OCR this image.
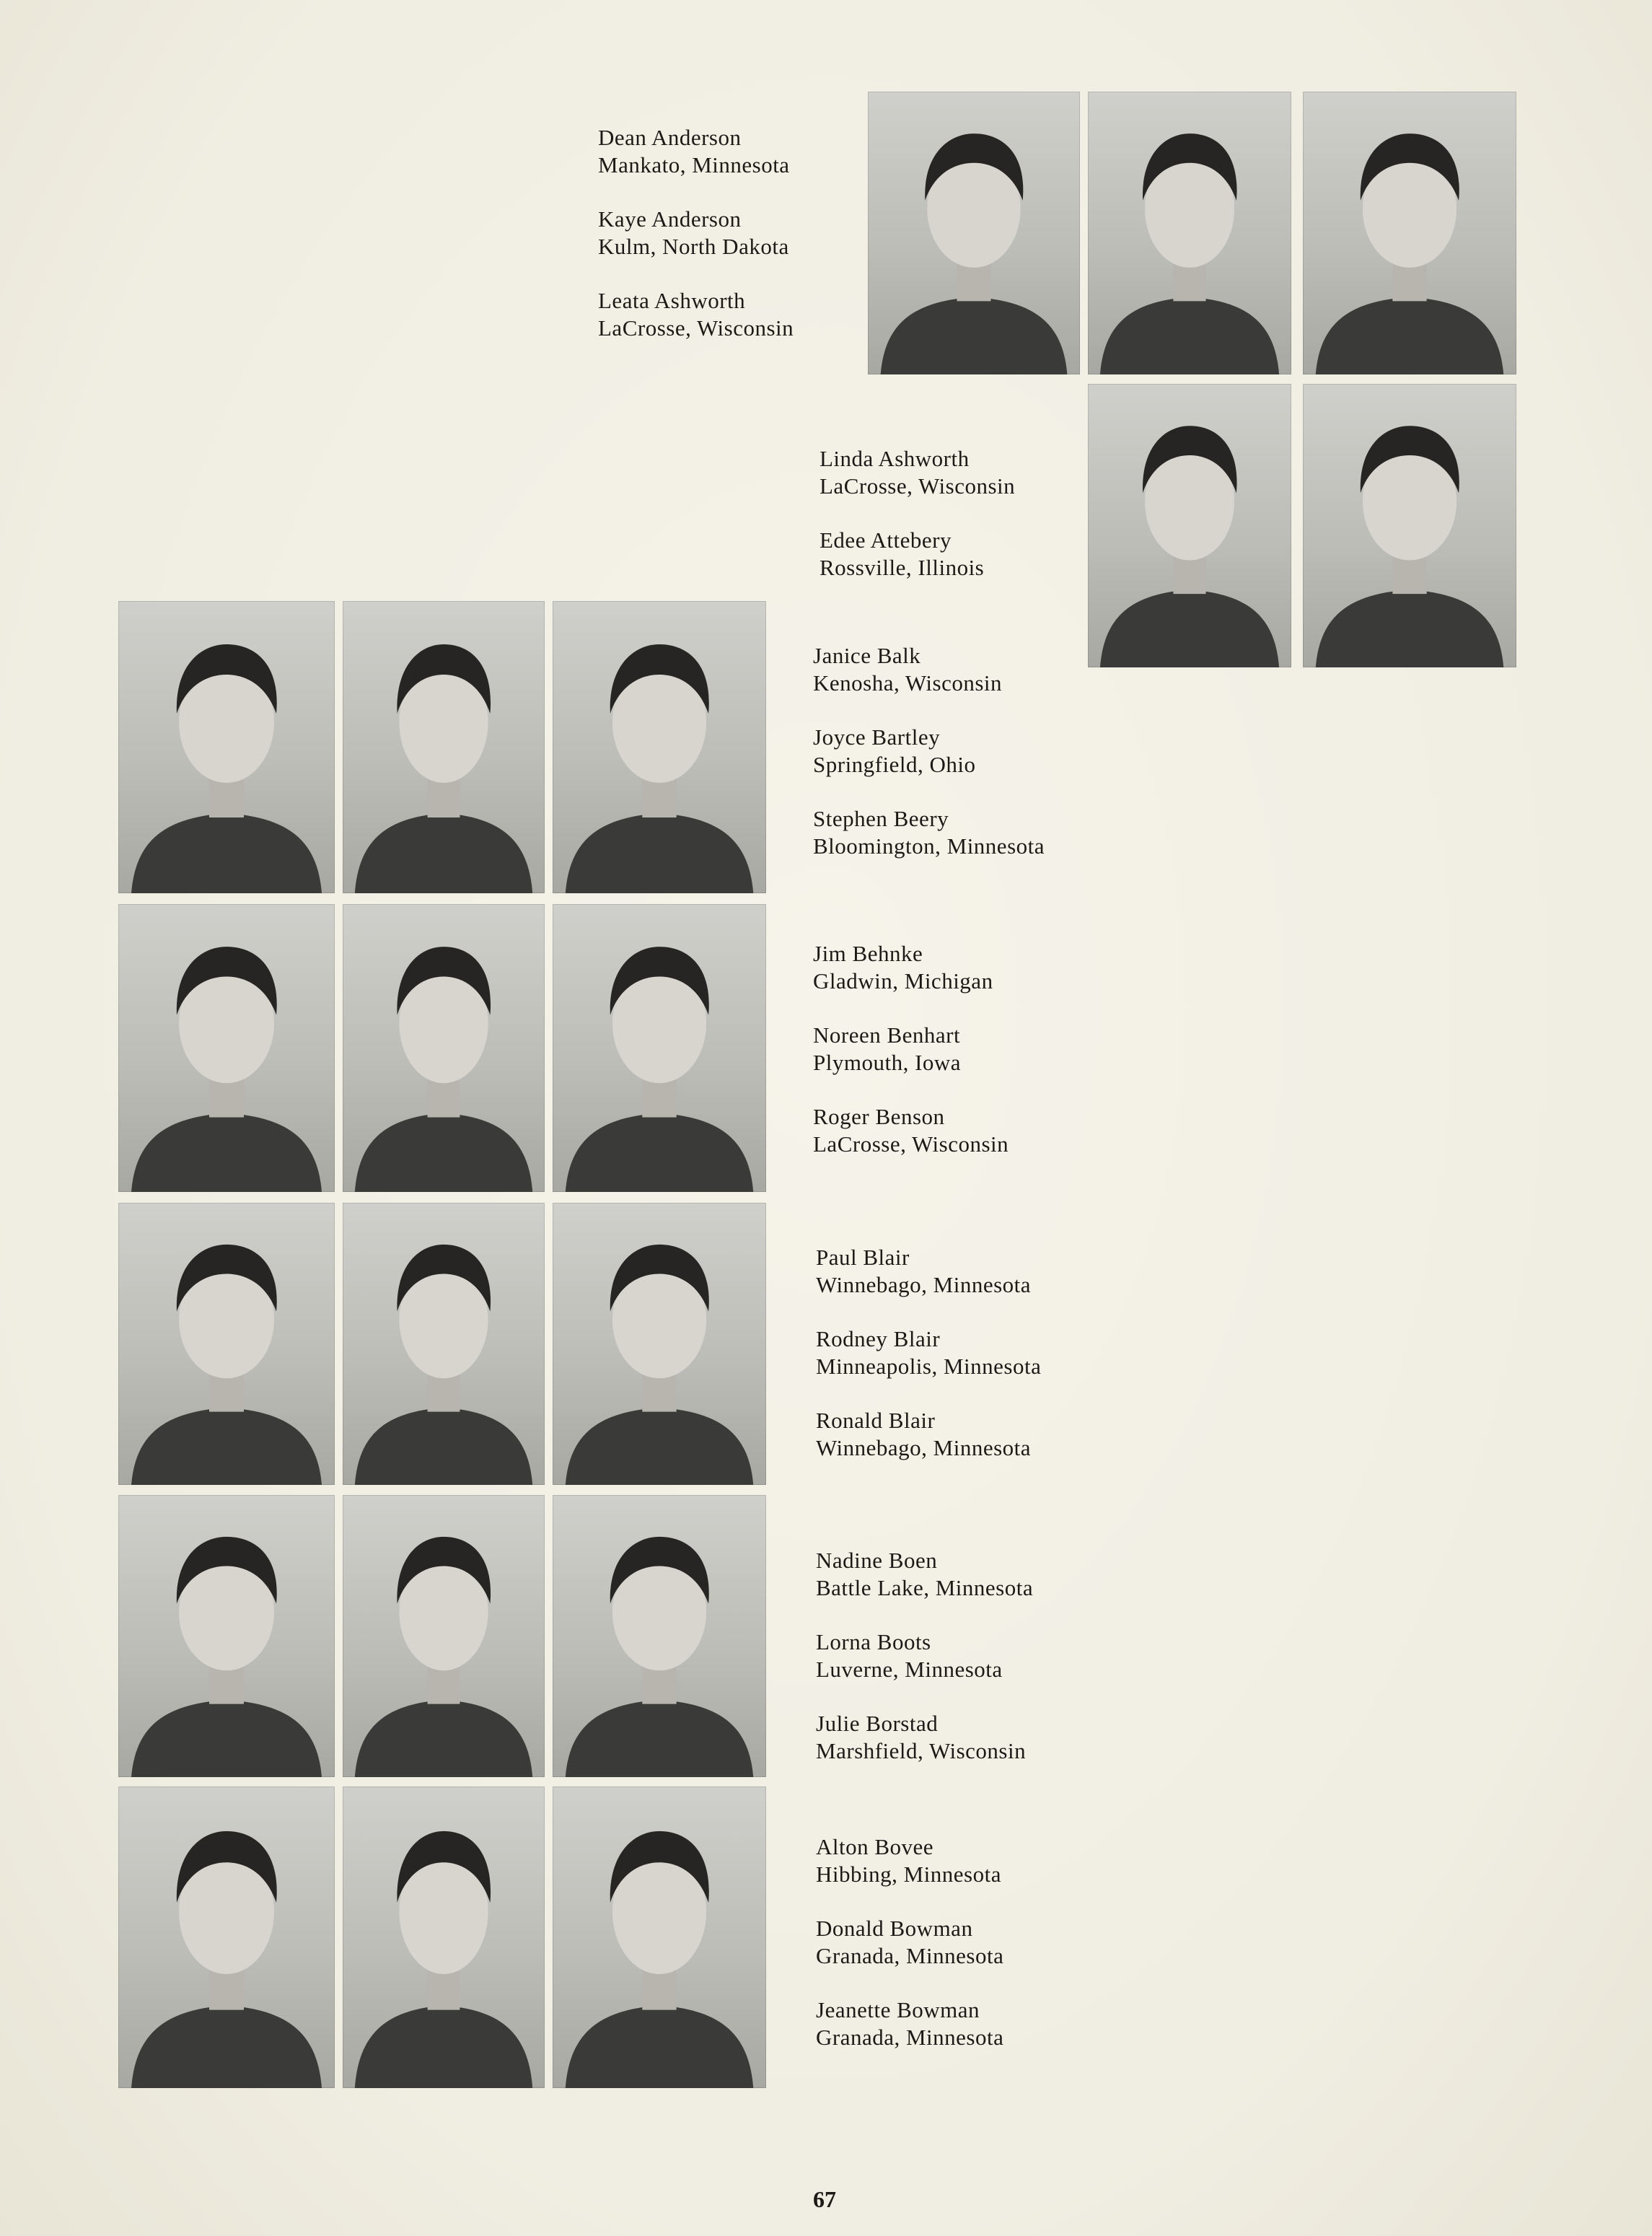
Dean Anderson
Mankato, Minnesota
Kaye Anderson
Kulm, North Dakota
Leata Ashworth
LaCrosse, Wisconsin
Linda Ashworth
LaCrosse, Wisconsin
Edee Attebery
Rossville, Illinois
Janice Balk
Kenosha, Wisconsin
Joyce Bartley
Springfield, Ohio
Stephen Beery
Bloomington, Minnesota
Jim Behnke
Gladwin, Michigan
Noreen Benhart
Plymouth, Iowa
Roger Benson
LaCrosse, Wisconsin
Paul Blair
Winnebago, Minnesota
Rodney Blair
Minneapolis, Minnesota
Ronald Blair
Winnebago, Minnesota
Nadine Boen
Battle Lake, Minnesota
Lorna Boots
Luverne, Minnesota
Julie Borstad
Marshfield, Wisconsin
Alton Bovee
Hibbing, Minnesota
Donald Bowman
Granada, Minnesota
Jeanette Bowman
Granada, Minnesota
67
